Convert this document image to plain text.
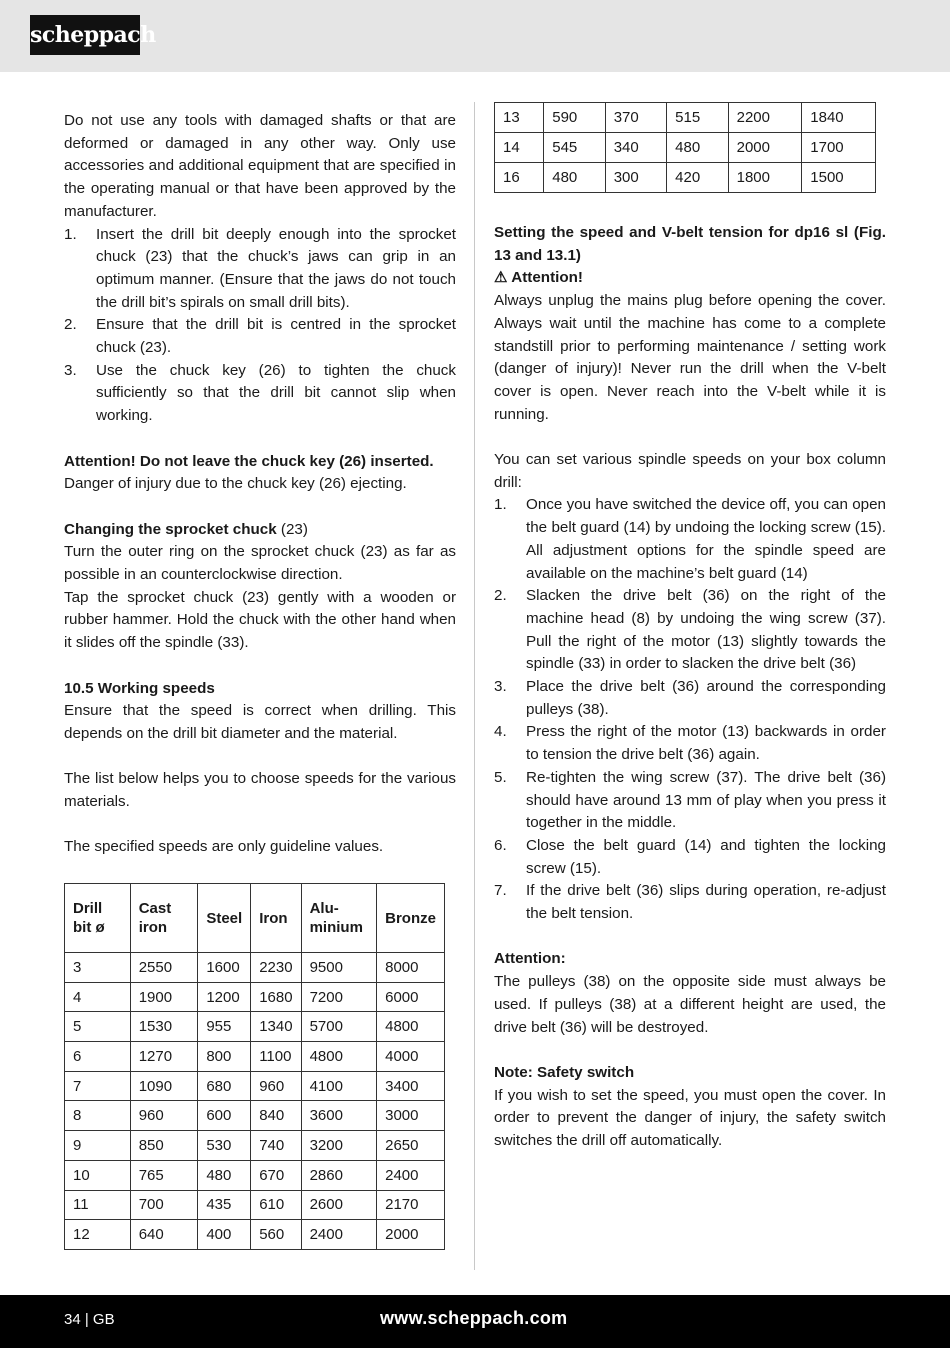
scheppach

Do not use any tools with damaged shafts or that are deformed or damaged in any other way. Only use accessories and additional equipment that are specified in the operating manual or that have been approved by the manufacturer.

1. Insert the drill bit deeply enough into the sprocket chuck (23) that the chuck’s jaws can grip in an optimum manner. (Ensure that the jaws do not touch the drill bit’s spirals on small drill bits).
2. Ensure that the drill bit is centred in the sprocket chuck (23).
3. Use the chuck key (26) to tighten the chuck sufficiently so that the drill bit cannot slip when working.

Attention! Do not leave the chuck key (26) inserted.
Danger of injury due to the chuck key (26) ejecting.

Changing the sprocket chuck (23)

Turn the outer ring on the sprocket chuck (23) as far as possible in an counterclockwise direction.

Tap the sprocket chuck (23) gently with a wooden or rubber hammer. Hold the chuck with the other hand when it slides off the spindle (33).

10.5 Working speeds

Ensure that the speed is correct when drilling. This depends on the drill bit diameter and the material.

The list below helps you to choose speeds for the various materials.

The specified speeds are only guideline values.

Drill bit ø	Cast iron	Steel	Iron	Aluminium	Bronze
3	2550	1600	2230	9500	8000
4	1900	1200	1680	7200	6000
5	1530	955	1340	5700	4800
6	1270	800	1100	4800	4000
7	1090	680	960	4100	3400
8	960	600	840	3600	3000
9	850	530	740	3200	2650
10	765	480	670	2860	2400
11	700	435	610	2600	2170
12	640	400	560	2400	2000
13	590	370	515	2200	1840
14	545	340	480	2000	1700
16	480	300	420	1800	1500

Setting the speed and V-belt tension for dp16 sl (Fig. 13 and 13.1)

⚠ Attention!

Always unplug the mains plug before opening the cover. Always wait until the machine has come to a complete standstill prior to performing maintenance / setting work (danger of injury)! Never run the drill when the V-belt cover is open. Never reach into the V-belt while it is running.

You can set various spindle speeds on your box column drill:

1. Once you have switched the device off, you can open the belt guard (14) by undoing the locking screw (15). All adjustment options for the spindle speed are available on the machine’s belt guard (14)
2. Slacken the drive belt (36) on the right of the machine head (8) by undoing the wing screw (37). Pull the right of the motor (13) slightly towards the spindle (33) in order to slacken the drive belt (36)
3. Place the drive belt (36) around the corresponding pulleys (38).
4. Press the right of the motor (13) backwards in order to tension the drive belt (36) again.
5. Re-tighten the wing screw (37). The drive belt (36) should have around 13 mm of play when you press it together in the middle.
6. Close the belt guard (14) and tighten the locking screw (15).
7. If the drive belt (36) slips during operation, re-adjust the belt tension.

Attention:

The pulleys (38) on the opposite side must always be used. If pulleys (38) at a different height are used, the drive belt (36) will be destroyed.

Note: Safety switch

If you wish to set the speed, you must open the cover. In order to prevent the danger of injury, the safety switch switches the drill off automatically.

34 | GB	www.scheppach.com
